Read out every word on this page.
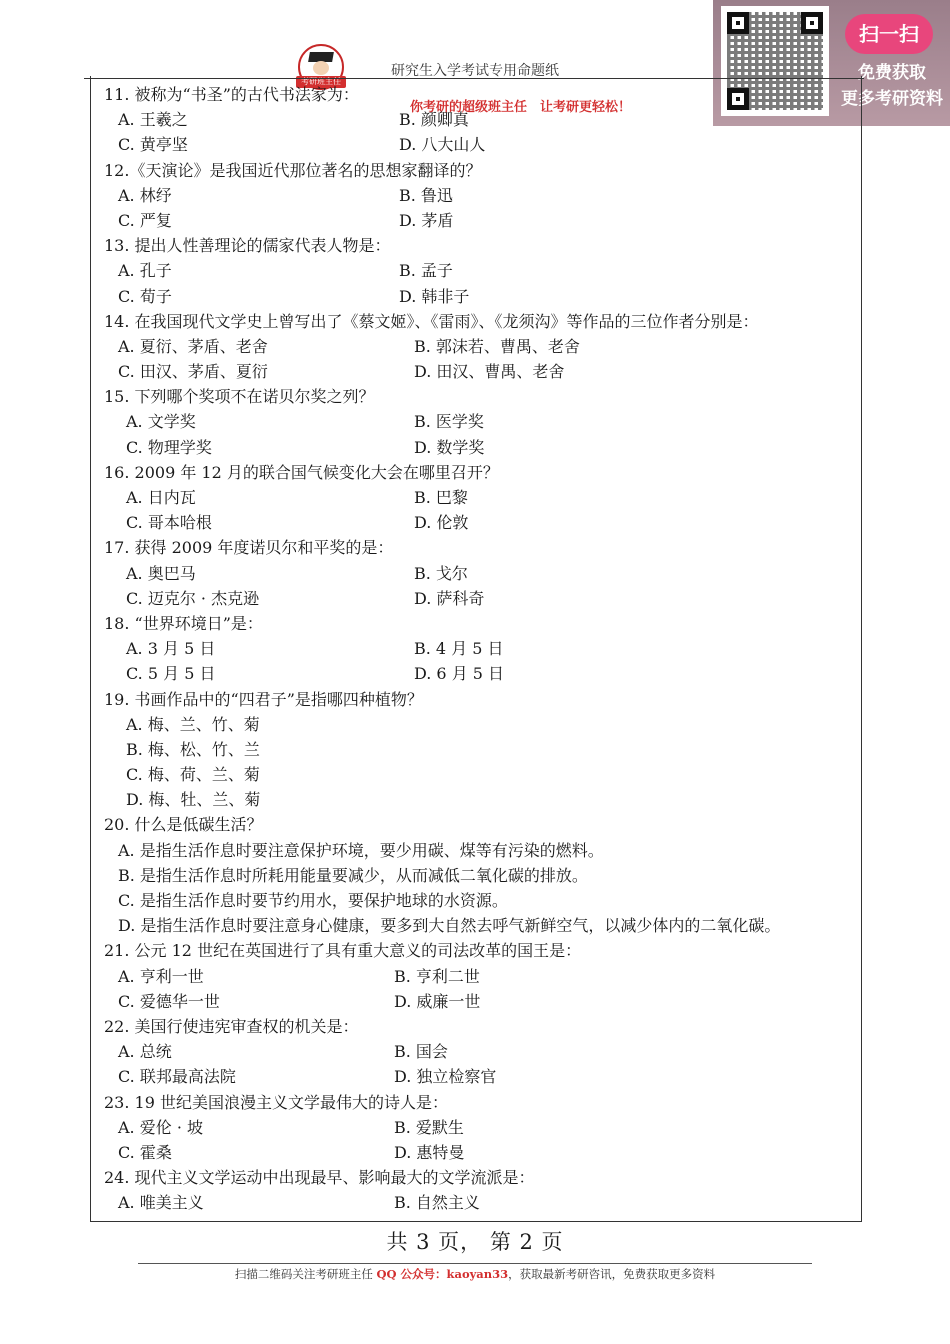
研究生入学考试专用命题纸
考研班主任
你考研的超级班主任　让考研更轻松！
扫一扫
免费获取
更多考研资料
11. 被称为“书圣”的古代书法家为：
A. 王羲之	B. 颜卿真
C. 黄亭坚	D. 八大山人
12.《天演论》是我国近代那位著名的思想家翻译的？
A. 林纾	B. 鲁迅
C. 严复	D. 茅盾
13. 提出人性善理论的儒家代表人物是：
A. 孔子	B. 孟子
C. 荀子	D. 韩非子
14. 在我国现代文学史上曾写出了《蔡文姬》、《雷雨》、《龙须沟》等作品的三位作者分别是：
A. 夏衍、茅盾、老舍	B. 郭沫若、曹禺、老舍
C. 田汉、茅盾、夏衍	D. 田汉、曹禺、老舍
15. 下列哪个奖项不在诺贝尔奖之列？
A. 文学奖	B. 医学奖
C. 物理学奖	D. 数学奖
16. 2009 年 12 月的联合国气候变化大会在哪里召开？
A. 日内瓦	B. 巴黎
C. 哥本哈根	D. 伦敦
17. 获得 2009 年度诺贝尔和平奖的是：
A. 奥巴马	B. 戈尔
C. 迈克尔 · 杰克逊	D. 萨科奇
18. “世界环境日”是：
A. 3 月 5 日	B. 4 月 5 日
C. 5 月 5 日	D. 6 月 5 日
19. 书画作品中的“四君子”是指哪四种植物？
A. 梅、兰、竹、菊
B. 梅、松、竹、兰
C. 梅、荷、兰、菊
D. 梅、牡、兰、菊
20. 什么是低碳生活？
A. 是指生活作息时要注意保护环境，要少用碳、煤等有污染的燃料。
B. 是指生活作息时所耗用能量要减少，从而减低二氧化碳的排放。
C. 是指生活作息时要节约用水，要保护地球的水资源。
D. 是指生活作息时要注意身心健康，要多到大自然去呼气新鲜空气，以减少体内的二氧化碳。
21. 公元 12 世纪在英国进行了具有重大意义的司法改革的国王是：
A. 亨利一世	B. 亨利二世
C. 爱德华一世	D. 威廉一世
22. 美国行使违宪审查权的机关是：
A. 总统	B. 国会
C. 联邦最高法院	D. 独立检察官
23. 19 世纪美国浪漫主义文学最伟大的诗人是：
A. 爱伦 · 坡	B. 爱默生
C. 霍桑	D. 惠特曼
24. 现代主义文学运动中出现最早、影响最大的文学流派是：
A. 唯美主义	B. 自然主义
共 3 页， 第 2 页
扫描二维码关注考研班主任 QQ 公众号：kaoyan33，获取最新考研咨讯，免费获取更多资料
